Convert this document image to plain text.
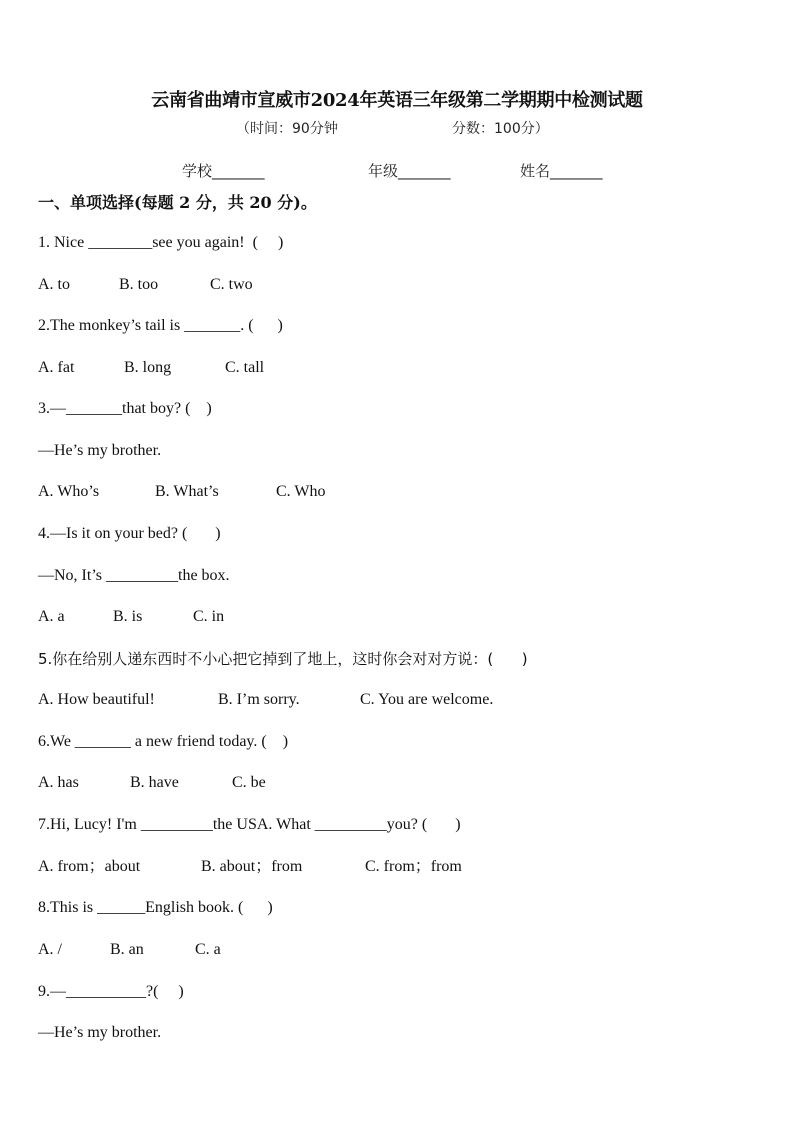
云南省曲靖市宣威市2024年英语三年级第二学期期中检测试题
（时间：90分钟	分数：100分）
学校_______	年级_______	姓名_______
一、单项选择(每题 2 分，共 20 分)。
1. Nice ________see you again!  (     )
A. to	B. too	C. two
2.The monkey’s tail is _______. (      )
A. fat	B. long	C. tall
3.—_______that boy? (    )
—He’s my brother.
A. Who’s	B. What’s	C. Who
4.—Is it on your bed? (       )
—No, It’s _________the box.
A. a	B. is	C. in
5.你在给别人递东西时不小心把它掉到了地上，这时你会对对方说：(      )
A. How beautiful!	B. I’m sorry.	C. You are welcome.
6.We _______ a new friend today. (    )
A. has	B. have	C. be
7.Hi, Lucy! I'm _________the USA. What _________you? (       )
A. from；about	B. about；from	C. from；from
8.This is ______English book. (      )
A. /	B. an	C. a
9.—__________?(     )
—He’s my brother.
